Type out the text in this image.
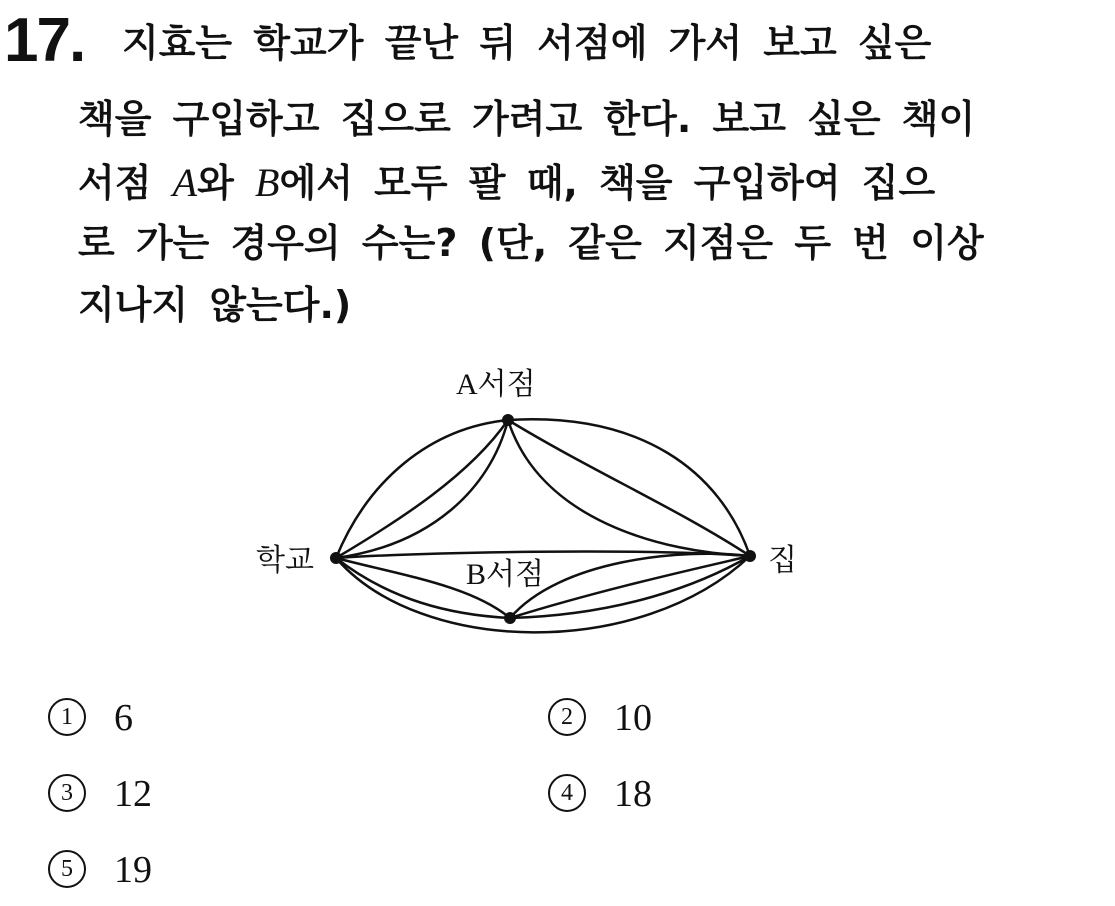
17. 지효는 학교가 끝난 뒤 서점에 가서 보고 싶은
책을 구입하고 집으로 가려고 한다. 보고 싶은 책이
서점 A와 B에서 모두 팔 때, 책을 구입하여 집으
로 가는 경우의 수는? (단, 같은 지점은 두 번 이상
지나지 않는다.)
A서점
학교	B서점	집
1 6	2 10
3 12	4 18
5 19
